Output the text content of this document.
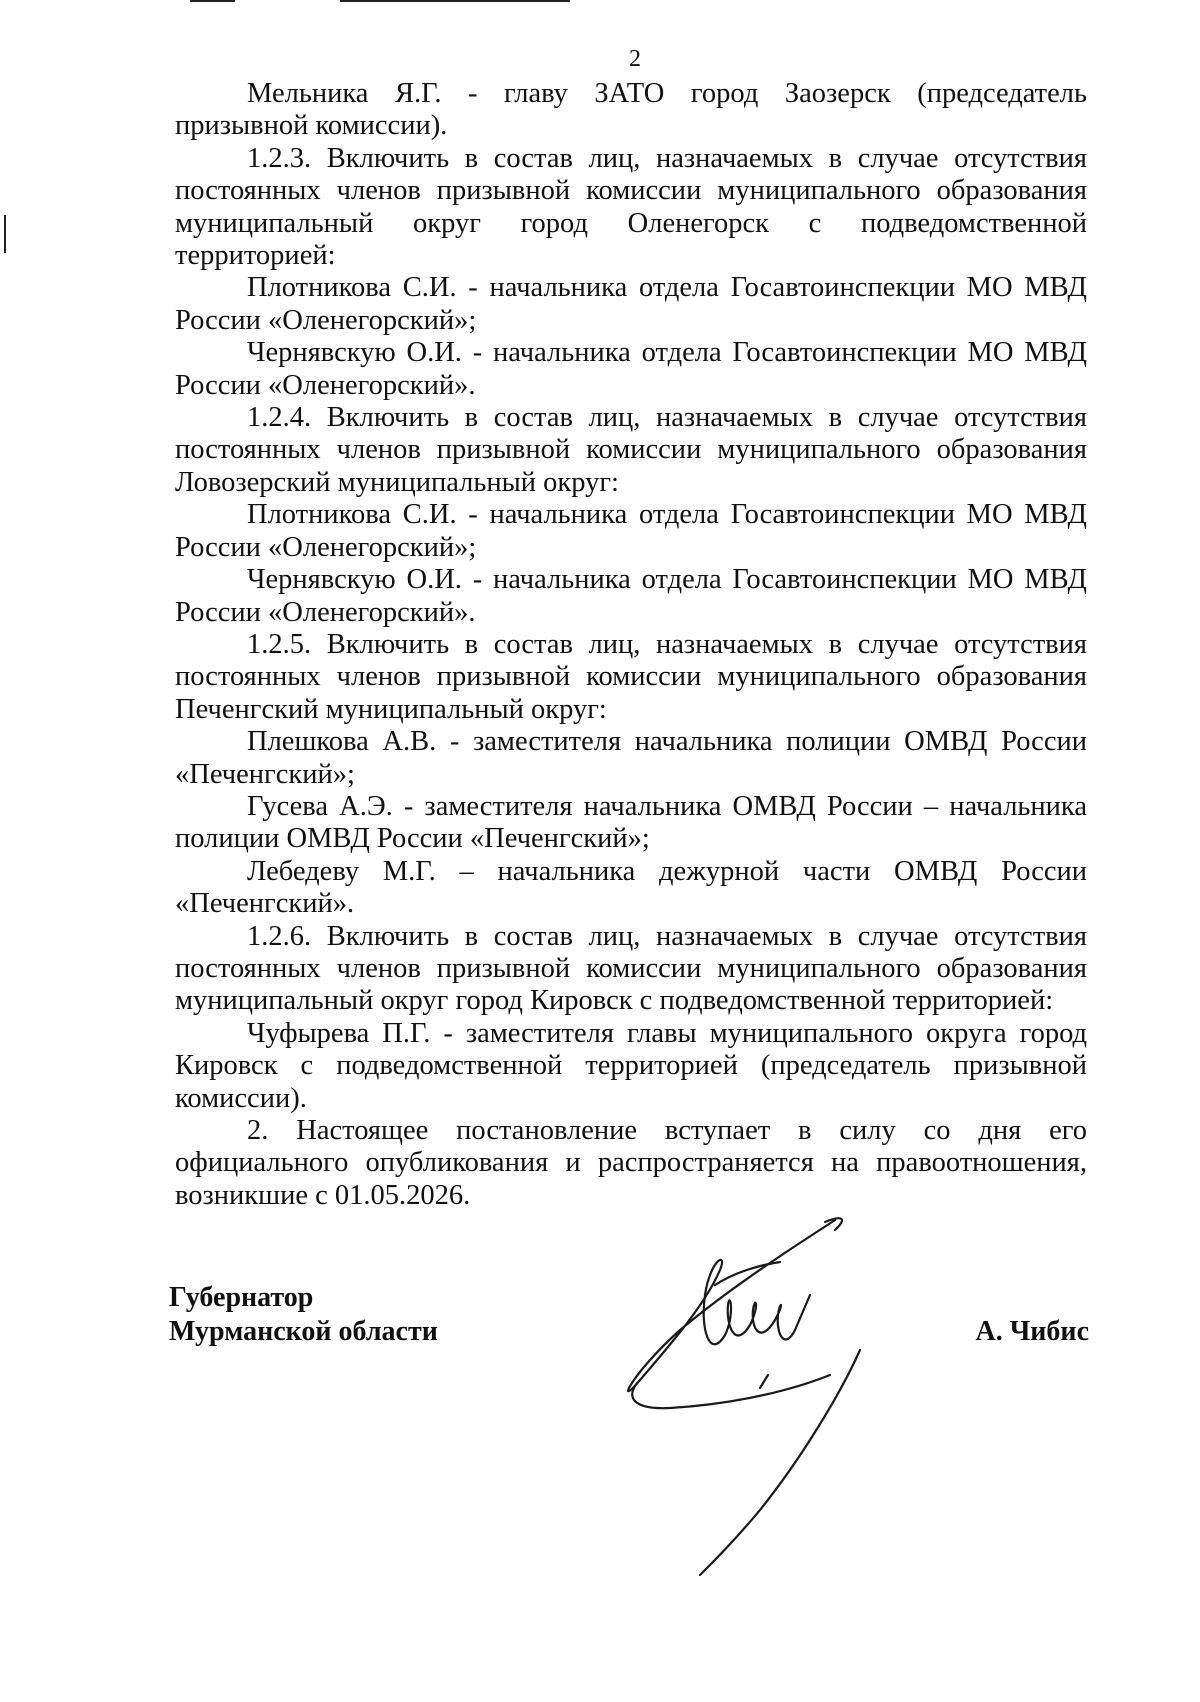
2

Мельника Я.Г. - главу ЗАТО город Заозерск (председатель призывной комиссии).

1.2.3. Включить в состав лиц, назначаемых в случае отсутствия постоянных членов призывной комиссии муниципального образования муниципальный округ город Оленегорск с подведомственной территорией:

Плотникова С.И. - начальника отдела Госавтоинспекции МО МВД России «Оленегорский»;

Чернявскую О.И. - начальника отдела Госавтоинспекции МО МВД России «Оленегорский».

1.2.4. Включить в состав лиц, назначаемых в случае отсутствия постоянных членов призывной комиссии муниципального образования Ловозерский муниципальный округ:

Плотникова С.И. - начальника отдела Госавтоинспекции МО МВД России «Оленегорский»;

Чернявскую О.И. - начальника отдела Госавтоинспекции МО МВД России «Оленегорский».

1.2.5. Включить в состав лиц, назначаемых в случае отсутствия постоянных членов призывной комиссии муниципального образования Печенгский муниципальный округ:

Плешкова А.В. - заместителя начальника полиции ОМВД России «Печенгский»;

Гусева А.Э. - заместителя начальника ОМВД России – начальника полиции ОМВД России «Печенгский»;

Лебедеву М.Г. – начальника дежурной части ОМВД России «Печенгский».

1.2.6. Включить в состав лиц, назначаемых в случае отсутствия постоянных членов призывной комиссии муниципального образования муниципальный округ город Кировск с подведомственной территорией:

Чуфырева П.Г. - заместителя главы муниципального округа город Кировск с подведомственной территорией (председатель призывной комиссии).

2. Настоящее постановление вступает в силу со дня его официального опубликования и распространяется на правоотношения, возникшие с 01.05.2026.

Губернатор
Мурманской области	А. Чибис
